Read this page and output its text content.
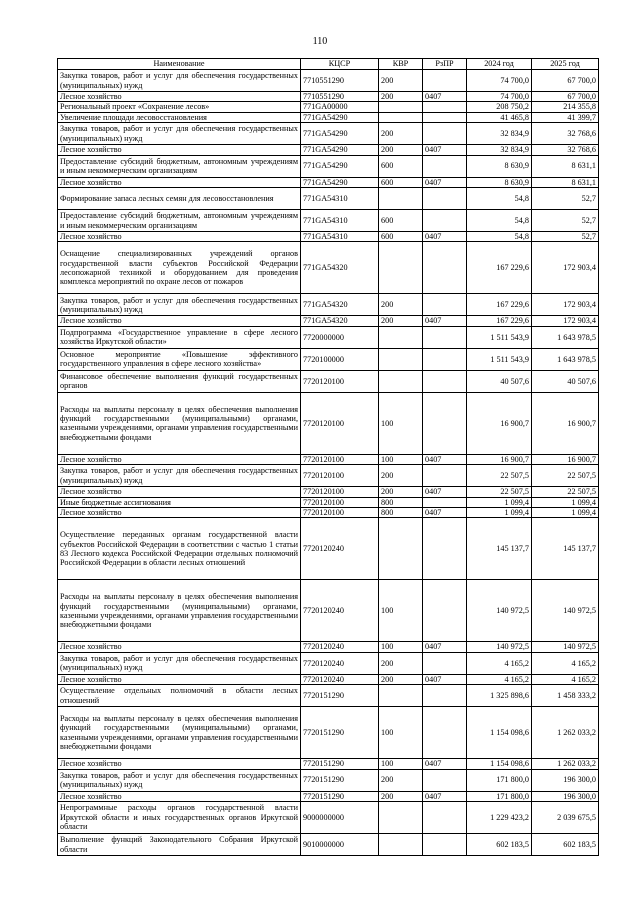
110
Наименование	КЦСР	КВР	РзПР	2024 год	2025 год
Закупка товаров, работ и услуг для обеспечения государственных (муниципальных) нужд	7710551290	200		74 700,0	67 700,0
Лесное хозяйство	7710551290	200	0407	74 700,0	67 700,0
Региональный проект «Сохранение лесов»	771GA00000			208 750,2	214 355,8
Увеличение площади лесовосстановления	771GA54290			41 465,8	41 399,7
Закупка товаров, работ и услуг для обеспечения государственных (муниципальных) нужд	771GA54290	200		32 834,9	32 768,6
Лесное хозяйство	771GA54290	200	0407	32 834,9	32 768,6
Предоставление субсидий бюджетным, автономным учреждениям и иным некоммерческим организациям	771GA54290	600		8 630,9	8 631,1
Лесное хозяйство	771GA54290	600	0407	8 630,9	8 631,1
Формирование запаса лесных семян для лесовосстановления	771GA54310			54,8	52,7
Предоставление субсидий бюджетным, автономным учреждениям и иным некоммерческим организациям	771GA54310	600		54,8	52,7
Лесное хозяйство	771GA54310	600	0407	54,8	52,7
Оснащение специализированных учреждений органов государственной власти субъектов Российской Федерации лесопожарной техникой и оборудованием для проведения комплекса мероприятий по охране лесов от пожаров	771GA54320			167 229,6	172 903,4
Закупка товаров, работ и услуг для обеспечения государственных (муниципальных) нужд	771GA54320	200		167 229,6	172 903,4
Лесное хозяйство	771GA54320	200	0407	167 229,6	172 903,4
Подпрограмма «Государственное управление в сфере лесного хозяйства Иркутской области»	7720000000			1 511 543,9	1 643 978,5
Основное мероприятие «Повышение эффективного государственного управления в сфере лесного хозяйства»	7720100000			1 511 543,9	1 643 978,5
Финансовое обеспечение выполнения функций государственных органов	7720120100			40 507,6	40 507,6
Расходы на выплаты персоналу в целях обеспечения выполнения функций государственными (муниципальными) органами, казенными учреждениями, органами управления государственными внебюджетными фондами	7720120100	100		16 900,7	16 900,7
Лесное хозяйство	7720120100	100	0407	16 900,7	16 900,7
Закупка товаров, работ и услуг для обеспечения государственных (муниципальных) нужд	7720120100	200		22 507,5	22 507,5
Лесное хозяйство	7720120100	200	0407	22 507,5	22 507,5
Иные бюджетные ассигнования	7720120100	800		1 099,4	1 099,4
Лесное хозяйство	7720120100	800	0407	1 099,4	1 099,4
Осуществление переданных органам государственной власти субъектов Российской Федерации в соответствии с частью 1 статьи 83 Лесного кодекса Российской Федерации отдельных полномочий Российской Федерации в области лесных отношений	7720120240			145 137,7	145 137,7
Расходы на выплаты персоналу в целях обеспечения выполнения функций государственными (муниципальными) органами, казенными учреждениями, органами управления государственными внебюджетными фондами	7720120240	100		140 972,5	140 972,5
Лесное хозяйство	7720120240	100	0407	140 972,5	140 972,5
Закупка товаров, работ и услуг для обеспечения государственных (муниципальных) нужд	7720120240	200		4 165,2	4 165,2
Лесное хозяйство	7720120240	200	0407	4 165,2	4 165,2
Осуществление отдельных полномочий в области лесных отношений	7720151290			1 325 898,6	1 458 333,2
Расходы на выплаты персоналу в целях обеспечения выполнения функций государственными (муниципальными) органами, казенными учреждениями, органами управления государственными внебюджетными фондами	7720151290	100		1 154 098,6	1 262 033,2
Лесное хозяйство	7720151290	100	0407	1 154 098,6	1 262 033,2
Закупка товаров, работ и услуг для обеспечения государственных (муниципальных) нужд	7720151290	200		171 800,0	196 300,0
Лесное хозяйство	7720151290	200	0407	171 800,0	196 300,0
Непрограммные расходы органов государственной власти Иркутской области и иных государственных органов Иркутской области	9000000000			1 229 423,2	2 039 675,5
Выполнение функций Законодательного Собрания Иркутской области	9010000000			602 183,5	602 183,5
